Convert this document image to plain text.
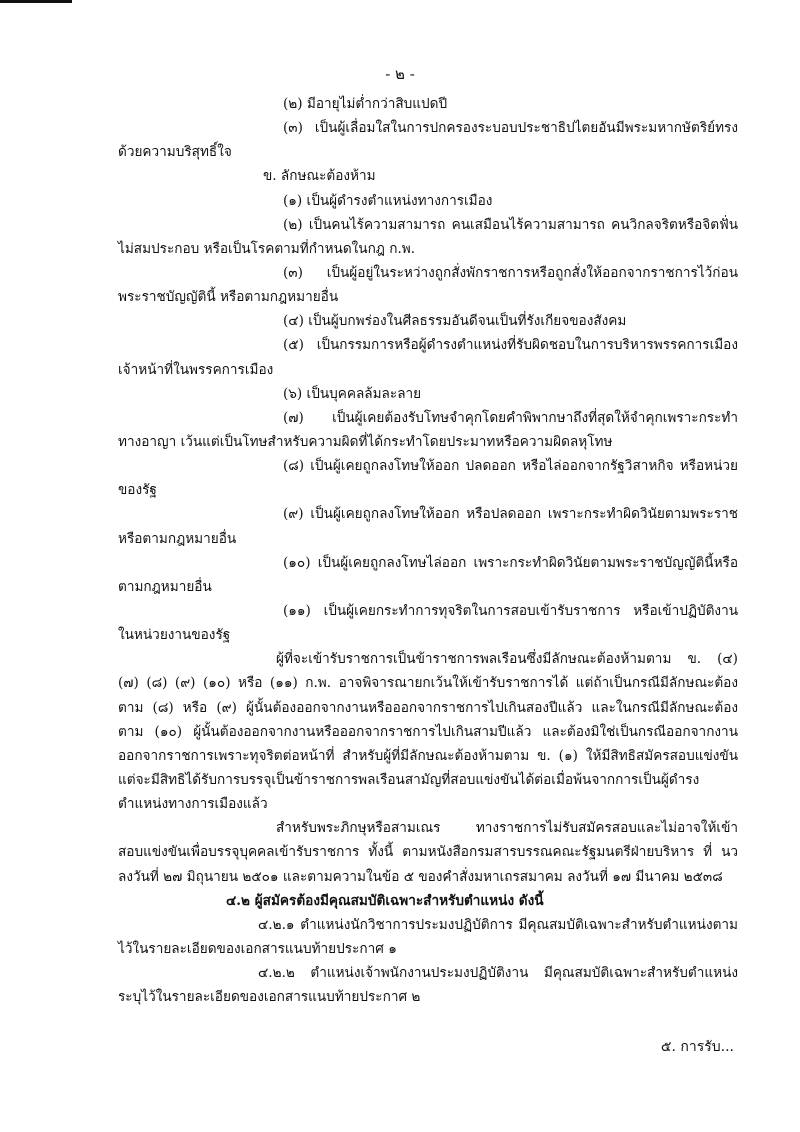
- ๒ -
(๒) มีอายุไม่ต่ำกว่าสิบแปดปี
(๓) เป็นผู้เลื่อมใสในการปกครองระบอบประชาธิปไตยอันมีพระมหากษัตริย์ทรง
ด้วยความบริสุทธิ์ใจ
ข. ลักษณะต้องห้าม
(๑) เป็นผู้ดำรงตำแหน่งทางการเมือง
(๒) เป็นคนไร้ความสามารถ คนเสมือนไร้ความสามารถ คนวิกลจริตหรือจิตฟั่น
ไม่สมประกอบ หรือเป็นโรคตามที่กำหนดในกฎ ก.พ.
(๓) เป็นผู้อยู่ในระหว่างถูกสั่งพักราชการหรือถูกสั่งให้ออกจากราชการไว้ก่อน
พระราชบัญญัตินี้ หรือตามกฎหมายอื่น
(๔) เป็นผู้บกพร่องในศีลธรรมอันดีจนเป็นที่รังเกียจของสังคม
(๕) เป็นกรรมการหรือผู้ดำรงตำแหน่งที่รับผิดชอบในการบริหารพรรคการเมือง
เจ้าหน้าที่ในพรรคการเมือง
(๖) เป็นบุคคลล้มละลาย
(๗) เป็นผู้เคยต้องรับโทษจำคุกโดยคำพิพากษาถึงที่สุดให้จำคุกเพราะกระทำ
ทางอาญา เว้นแต่เป็นโทษสำหรับความผิดที่ได้กระทำโดยประมาทหรือความผิดลหุโทษ
(๘) เป็นผู้เคยถูกลงโทษให้ออก ปลดออก หรือไล่ออกจากรัฐวิสาหกิจ หรือหน่วย
ของรัฐ
(๙) เป็นผู้เคยถูกลงโทษให้ออก หรือปลดออก เพราะกระทำผิดวินัยตามพระราช
หรือตามกฎหมายอื่น
(๑๐) เป็นผู้เคยถูกลงโทษไล่ออก เพราะกระทำผิดวินัยตามพระราชบัญญัตินี้หรือ
ตามกฎหมายอื่น
(๑๑) เป็นผู้เคยกระทำการทุจริตในการสอบเข้ารับราชการ หรือเข้าปฏิบัติงาน
ในหน่วยงานของรัฐ
ผู้ที่จะเข้ารับราชการเป็นข้าราชการพลเรือนซึ่งมีลักษณะต้องห้ามตาม ข. (๔)
(๗) (๘) (๙) (๑๐) หรือ (๑๑) ก.พ. อาจพิจารณายกเว้นให้เข้ารับราชการได้ แต่ถ้าเป็นกรณีมีลักษณะต้อง
ตาม (๘) หรือ (๙) ผู้นั้นต้องออกจากงานหรือออกจากราชการไปเกินสองปีแล้ว และในกรณีมีลักษณะต้อง
ตาม (๑๐) ผู้นั้นต้องออกจากงานหรือออกจากราชการไปเกินสามปีแล้ว และต้องมิใช่เป็นกรณีออกจากงาน
ออกจากราชการเพราะทุจริตต่อหน้าที่ สำหรับผู้ที่มีลักษณะต้องห้ามตาม ข. (๑) ให้มีสิทธิสมัครสอบแข่งขัน
แต่จะมีสิทธิได้รับการบรรจุเป็นข้าราชการพลเรือนสามัญที่สอบแข่งขันได้ต่อเมื่อพ้นจากการเป็นผู้ดำรง
ตำแหน่งทางการเมืองแล้ว
สำหรับพระภิกษุหรือสามเณร ทางราชการไม่รับสมัครสอบและไม่อาจให้เข้า
สอบแข่งขันเพื่อบรรจุบุคคลเข้ารับราชการ ทั้งนี้ ตามหนังสือกรมสารบรรณคณะรัฐมนตรีฝ่ายบริหาร ที่ นว
ลงวันที่ ๒๗ มิถุนายน ๒๕๐๑ และตามความในข้อ ๕ ของคำสั่งมหาเถรสมาคม ลงวันที่ ๑๗ มีนาคม ๒๕๓๘
๔.๒ ผู้สมัครต้องมีคุณสมบัติเฉพาะสำหรับตำแหน่ง ดังนี้
๔.๒.๑ ตำแหน่งนักวิชาการประมงปฏิบัติการ มีคุณสมบัติเฉพาะสำหรับตำแหน่งตาม
ไว้ในรายละเอียดของเอกสารแนบท้ายประกาศ ๑
๔.๒.๒ ตำแหน่งเจ้าพนักงานประมงปฏิบัติงาน มีคุณสมบัติเฉพาะสำหรับตำแหน่ง
ระบุไว้ในรายละเอียดของเอกสารแนบท้ายประกาศ ๒
๕. การรับ...
